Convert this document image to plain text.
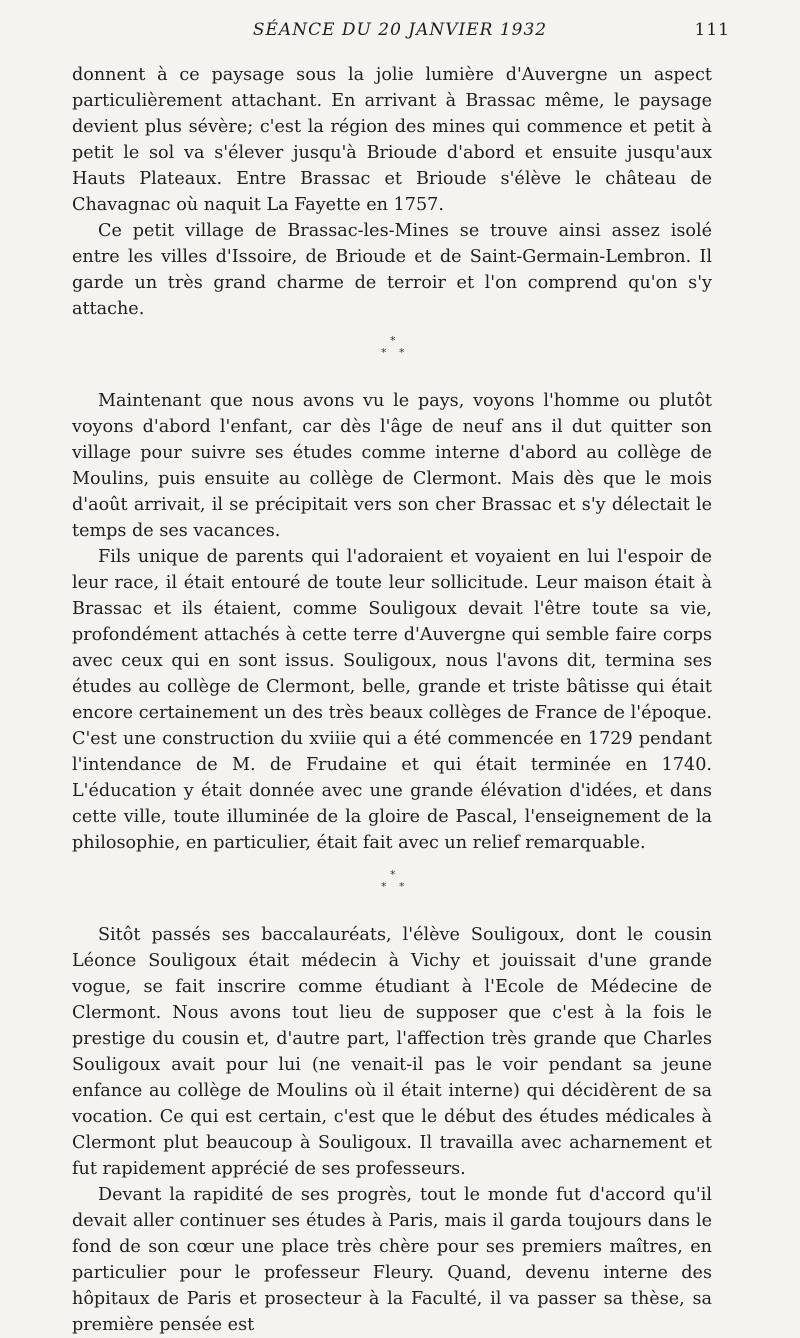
SÉANCE DU 20 JANVIER 1932	111

donnent à ce paysage sous la jolie lumière d'Auvergne un aspect particulièrement attachant. En arrivant à Brassac même, le paysage devient plus sévère; c'est la région des mines qui commence et petit à petit le sol va s'élever jusqu'à Brioude d'abord et ensuite jusqu'aux Hauts Plateaux. Entre Brassac et Brioude s'élève le château de Chavagnac où naquit La Fayette en 1757.

Ce petit village de Brassac-les-Mines se trouve ainsi assez isolé entre les villes d'Issoire, de Brioude et de Saint-Germain-Lembron. Il garde un très grand charme de terroir et l'on comprend qu'on s'y attache.

*
* *

Maintenant que nous avons vu le pays, voyons l'homme ou plutôt voyons d'abord l'enfant, car dès l'âge de neuf ans il dut quitter son village pour suivre ses études comme interne d'abord au collège de Moulins, puis ensuite au collège de Clermont. Mais dès que le mois d'août arrivait, il se précipitait vers son cher Brassac et s'y délectait le temps de ses vacances.

Fils unique de parents qui l'adoraient et voyaient en lui l'espoir de leur race, il était entouré de toute leur sollicitude. Leur maison était à Brassac et ils étaient, comme Souligoux devait l'être toute sa vie, profondément attachés à cette terre d'Auvergne qui semble faire corps avec ceux qui en sont issus. Souligoux, nous l'avons dit, termina ses études au collège de Clermont, belle, grande et triste bâtisse qui était encore certainement un des très beaux collèges de France de l'époque. C'est une construction du xviiie qui a été commencée en 1729 pendant l'intendance de M. de Frudaine et qui était terminée en 1740. L'éducation y était donnée avec une grande élévation d'idées, et dans cette ville, toute illuminée de la gloire de Pascal, l'enseignement de la philosophie, en particulier, était fait avec un relief remarquable.

*
* *

Sitôt passés ses baccalauréats, l'élève Souligoux, dont le cousin Léonce Souligoux était médecin à Vichy et jouissait d'une grande vogue, se fait inscrire comme étudiant à l'Ecole de Médecine de Clermont. Nous avons tout lieu de supposer que c'est à la fois le prestige du cousin et, d'autre part, l'affection très grande que Charles Souligoux avait pour lui (ne venait-il pas le voir pendant sa jeune enfance au collège de Moulins où il était interne) qui décidèrent de sa vocation. Ce qui est certain, c'est que le début des études médicales à Clermont plut beaucoup à Souligoux. Il travailla avec acharnement et fut rapidement apprécié de ses professeurs.

Devant la rapidité de ses progrès, tout le monde fut d'accord qu'il devait aller continuer ses études à Paris, mais il garda toujours dans le fond de son cœur une place très chère pour ses premiers maîtres, en particulier pour le professeur Fleury. Quand, devenu interne des hôpitaux de Paris et prosecteur à la Faculté, il va passer sa thèse, sa première pensée est
